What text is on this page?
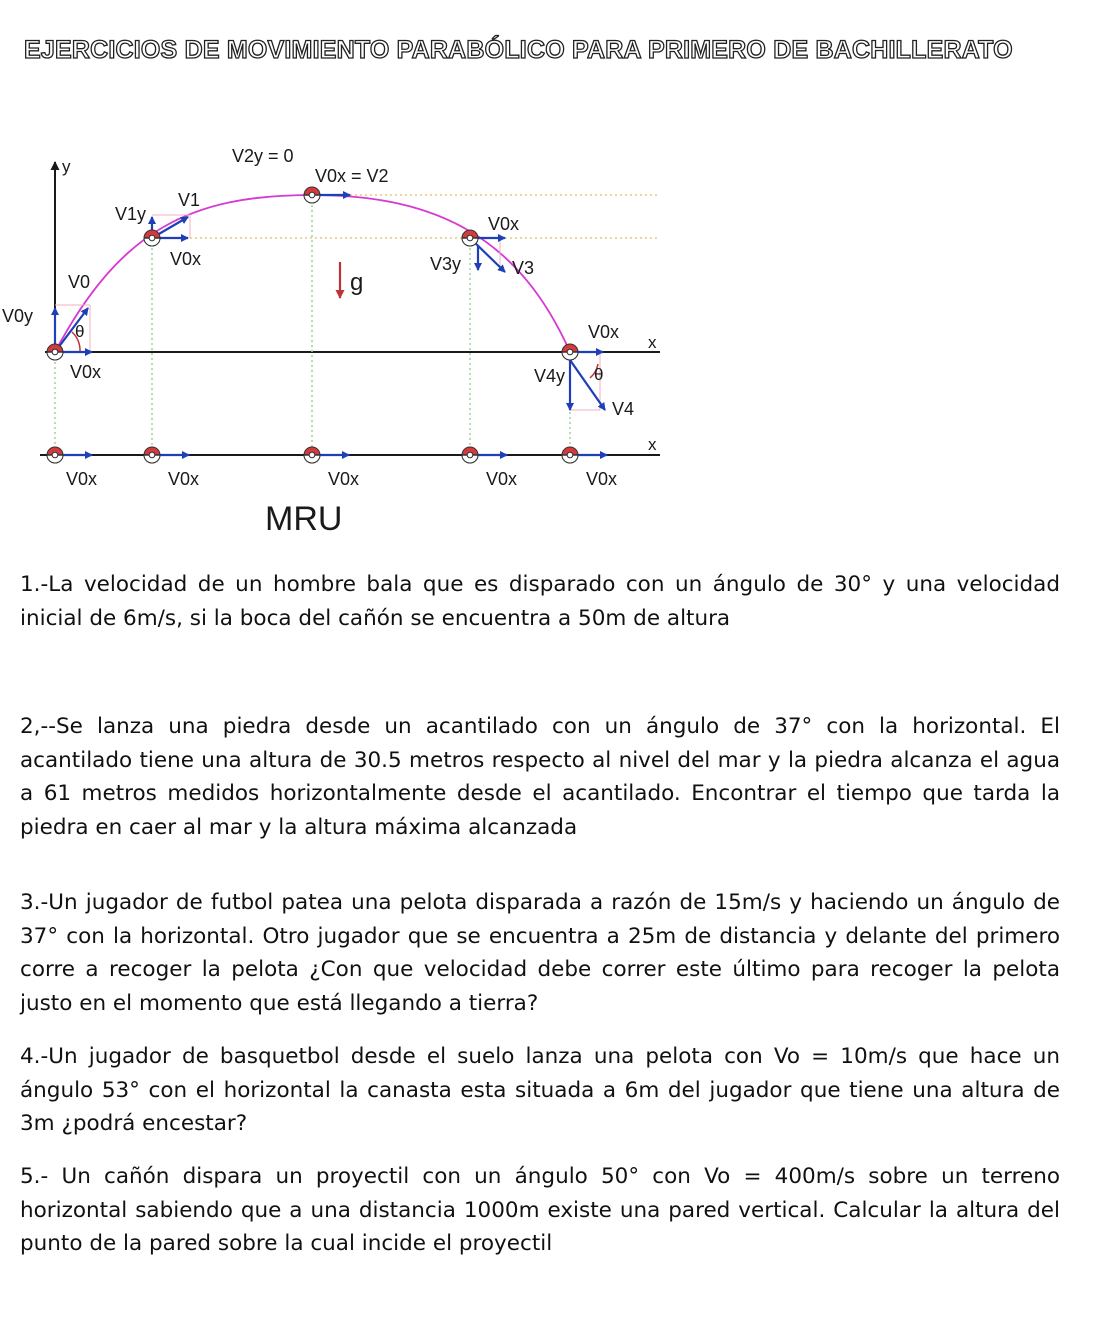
EJERCICIOS DE MOVIMIENTO PARABÓLICO PARA PRIMERO DE BACHILLERATO
y
x
x
V2y = 0
V0x = V2
V1
V1y
V0x
V0
V0y
θ
V0x
g
V0x
V3y	V3
V0x
V4y θ
V4
V0x	V0x	V0x	V0x	V0x
MRU
1.-La velocidad de un hombre bala que es disparado con un ángulo de 30° y una velocidad inicial de 6m/s, si la boca del cañón se encuentra a 50m de altura
2,--Se lanza una piedra desde un acantilado con un ángulo de 37° con la horizontal. El acantilado tiene una altura de 30.5 metros respecto al nivel del mar y la piedra alcanza el agua a 61 metros medidos horizontalmente desde el acantilado. Encontrar el tiempo que tarda la piedra en caer al mar y la altura máxima alcanzada
3.-Un jugador de futbol patea una pelota disparada a razón de 15m/s y haciendo un ángulo de 37° con la horizontal. Otro jugador que se encuentra a 25m de distancia y delante del primero corre a recoger la pelota ¿Con que velocidad debe correr este último para recoger la pelota justo en el momento que está llegando a tierra?
4.-Un jugador de basquetbol desde el suelo lanza una pelota con Vo = 10m/s que hace un ángulo 53° con el horizontal la canasta esta situada a 6m del jugador que tiene una altura de 3m ¿podrá encestar?
5.- Un cañón dispara un proyectil con un ángulo 50° con Vo = 400m/s sobre un terreno horizontal sabiendo que a una distancia 1000m existe una pared vertical. Calcular la altura del punto de la pared sobre la cual incide el proyectil
